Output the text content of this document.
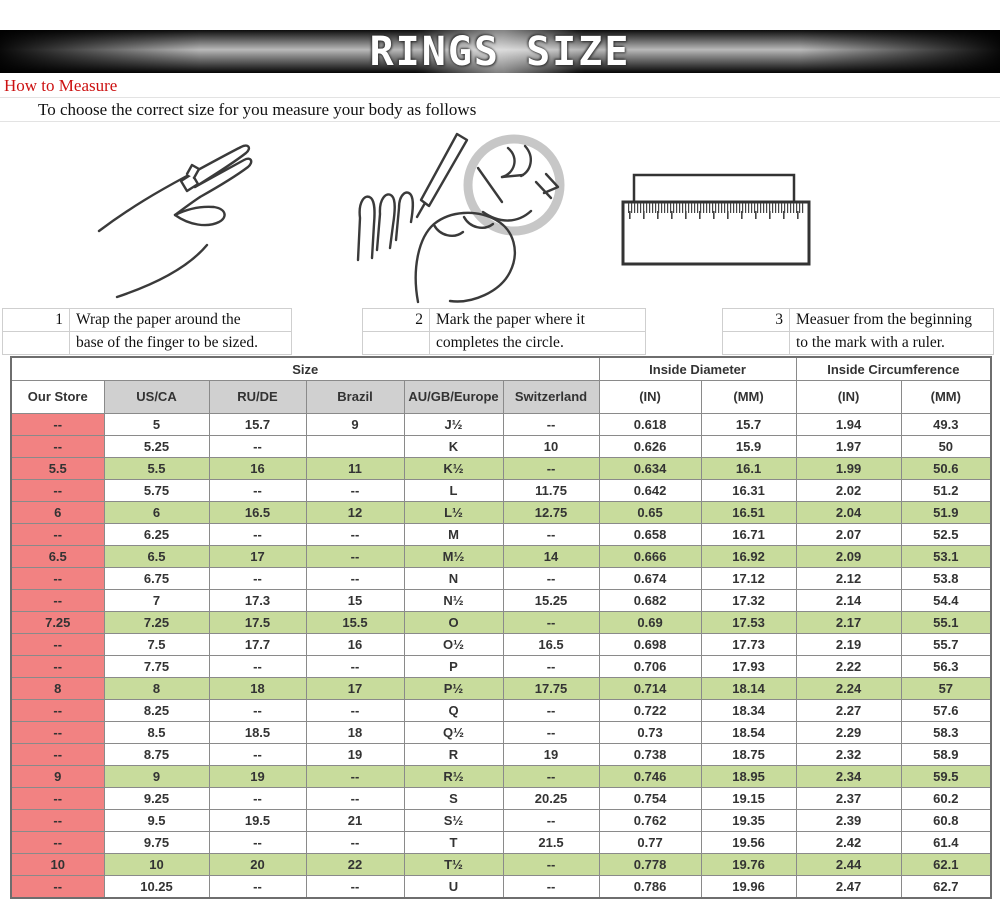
RINGS SIZE
How to Measure
To choose the correct size for you measure your body as follows
1 Wrap the paper around the
base of the finger to be sized.
2 Mark the paper where it
completes the circle.
3 Measuer from the beginning
to the mark with a ruler.
Size						Inside Diameter		Inside Circumference	
Our Store	US/CA	RU/DE	Brazil	AU/GB/Europe	Switzerland	(IN)	(MM)	(IN)	(MM)
--	5	15.7	9	J½	--	0.618	15.7	1.94	49.3
--	5.25	--		K	10	0.626	15.9	1.97	50
5.5	5.5	16	11	K½	--	0.634	16.1	1.99	50.6
--	5.75	--	--	L	11.75	0.642	16.31	2.02	51.2
6	6	16.5	12	L½	12.75	0.65	16.51	2.04	51.9
--	6.25	--	--	M	--	0.658	16.71	2.07	52.5
6.5	6.5	17	--	M½	14	0.666	16.92	2.09	53.1
--	6.75	--	--	N	--	0.674	17.12	2.12	53.8
--	7	17.3	15	N½	15.25	0.682	17.32	2.14	54.4
7.25	7.25	17.5	15.5	O	--	0.69	17.53	2.17	55.1
--	7.5	17.7	16	O½	16.5	0.698	17.73	2.19	55.7
--	7.75	--	--	P	--	0.706	17.93	2.22	56.3
8	8	18	17	P½	17.75	0.714	18.14	2.24	57
--	8.25	--	--	Q	--	0.722	18.34	2.27	57.6
--	8.5	18.5	18	Q½	--	0.73	18.54	2.29	58.3
--	8.75	--	19	R	19	0.738	18.75	2.32	58.9
9	9	19	--	R½	--	0.746	18.95	2.34	59.5
--	9.25	--	--	S	20.25	0.754	19.15	2.37	60.2
--	9.5	19.5	21	S½	--	0.762	19.35	2.39	60.8
--	9.75	--	--	T	21.5	0.77	19.56	2.42	61.4
10	10	20	22	T½	--	0.778	19.76	2.44	62.1
--	10.25	--	--	U	--	0.786	19.96	2.47	62.7
